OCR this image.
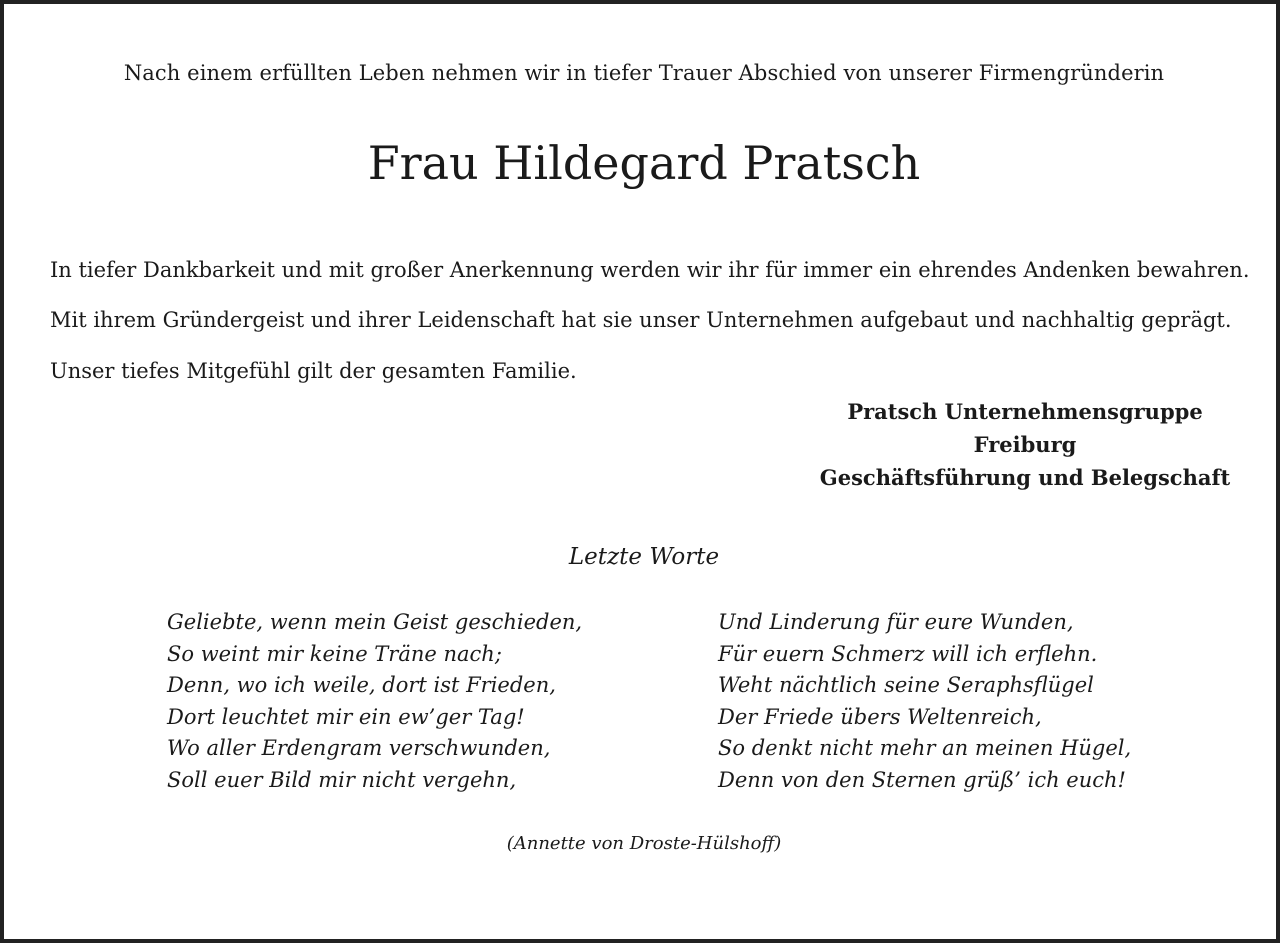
Nach einem erfüllten Leben nehmen wir in tiefer Trauer Abschied von unserer Firmengründerin
Frau Hildegard Pratsch
In tiefer Dankbarkeit und mit großer Anerkennung werden wir ihr für immer ein ehrendes Andenken bewahren.
Mit ihrem Gründergeist und ihrer Leidenschaft hat sie unser Unternehmen aufgebaut und nachhaltig geprägt.
Unser tiefes Mitgefühl gilt der gesamten Familie.
Pratsch Unternehmensgruppe
Freiburg
Geschäftsführung und Belegschaft
Letzte Worte
Geliebte, wenn mein Geist geschieden,
So weint mir keine Träne nach;
Denn, wo ich weile, dort ist Frieden,
Dort leuchtet mir ein ew’ger Tag!
Wo aller Erdengram verschwunden,
Soll euer Bild mir nicht vergehn,
Und Linderung für eure Wunden,
Für euern Schmerz will ich erflehn.
Weht nächtlich seine Seraphsflügel
Der Friede übers Weltenreich,
So denkt nicht mehr an meinen Hügel,
Denn von den Sternen grüß’ ich euch!
(Annette von Droste-Hülshoff)
